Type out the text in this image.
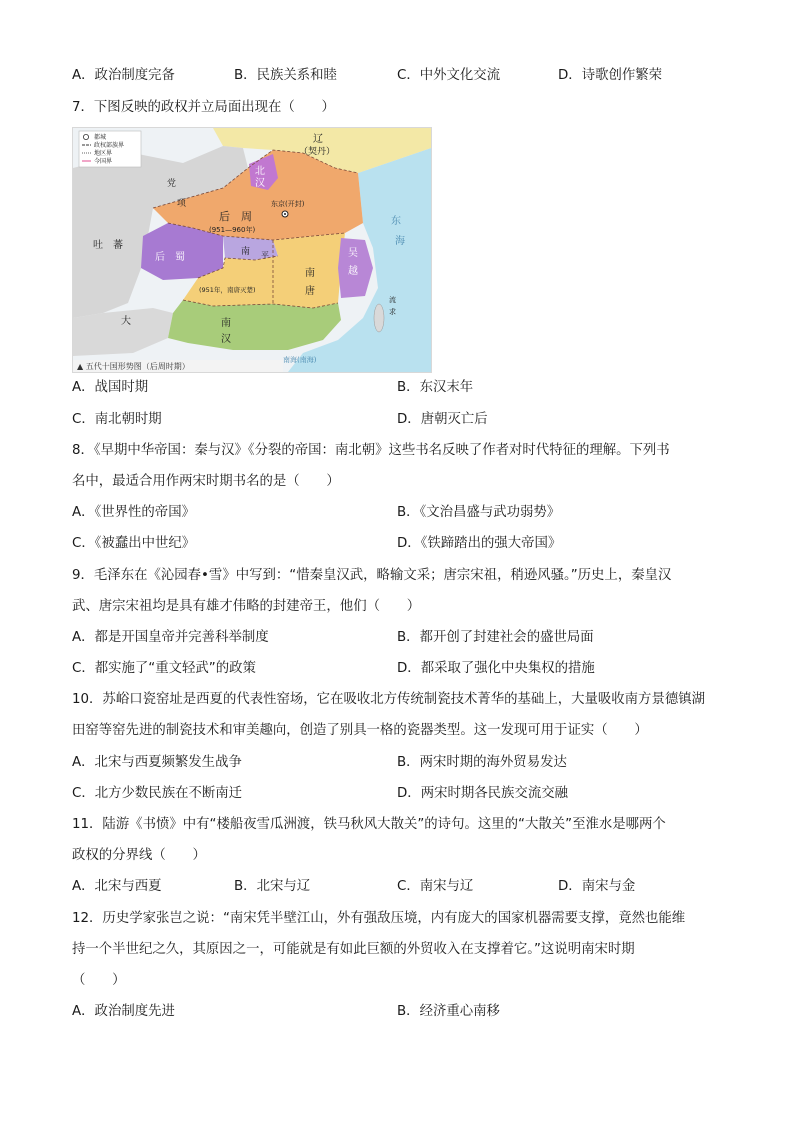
A．政治制度完备	B．民族关系和睦	C．中外文化交流	D．诗歌创作繁荣
7．下图反映的政权并立局面出现在（　　）
都城
政权部族界
地区界
今国界
辽
（契丹）
北
汉
后　周
(951—960年)
东京(开封)
党
项
吐　蕃
后　蜀	南 平	吴
越
南
唐
(951年，南唐灭楚)
大	南
汉
东
海
南海(南海)
流
求
▲ 五代十国形势图（后周时期）
A．战国时期	B．东汉末年
C．南北朝时期	D．唐朝灭亡后
8．《早期中华帝国：秦与汉》《分裂的帝国：南北朝》这些书名反映了作者对时代特征的理解。下列书
名中，最适合用作两宋时期书名的是（　　）
A．《世界性的帝国》	B．《文治昌盛与武功弱势》
C．《被蠢出中世纪》	D．《铁蹄踏出的强大帝国》
9．毛泽东在《沁园春•雪》中写到：“惜秦皇汉武，略输文采；唐宗宋祖，稍逊风骚。”历史上，秦皇汉
武、唐宗宋祖均是具有雄才伟略的封建帝王，他们（　　）
A．都是开国皇帝并完善科举制度	B．都开创了封建社会的盛世局面
C．都实施了“重文轻武”的政策	D．都采取了强化中央集权的措施
10．苏峪口瓷窑址是西夏的代表性窑场，它在吸收北方传统制瓷技术菁华的基础上，大量吸收南方景德镇湖
田窑等窑先进的制瓷技术和审美趣向，创造了别具一格的瓷器类型。这一发现可用于证实（　　）
A．北宋与西夏频繁发生战争	B．两宋时期的海外贸易发达
C．北方少数民族在不断南迁	D．两宋时期各民族交流交融
11．陆游《书愤》中有“楼船夜雪瓜洲渡，铁马秋风大散关”的诗句。这里的“大散关”至淮水是哪两个
政权的分界线（　　）
A．北宋与西夏	B．北宋与辽	C．南宋与辽	D．南宋与金
12．历史学家张岂之说：“南宋凭半壁江山，外有强敌压境，内有庞大的国家机器需要支撑，竟然也能维
持一个半世纪之久，其原因之一，可能就是有如此巨额的外贸收入在支撑着它。”这说明南宋时期
（　　）
A．政治制度先进	B．经济重心南移
